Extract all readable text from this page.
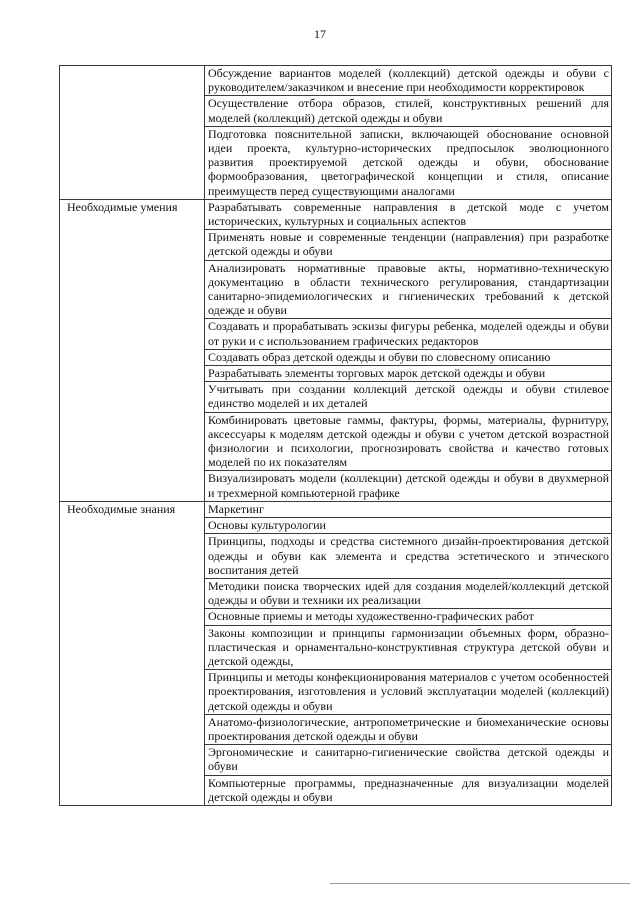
17

	Обсуждение вариантов моделей (коллекций) детской одежды и обуви с руководителем/заказчиком и внесение при необходимости корректировок

	Осуществление отбора образов, стилей, конструктивных решений для моделей (коллекций) детской одежды и обуви

	Подготовка пояснительной записки, включающей обоснование основной идеи проекта, культурно-исторических предпосылок эволюционного развития проектируемой детской одежды и обуви, обоснование формообразования, цветографической концепции и стиля, описание преимуществ перед существующими аналогами

Необходимые умения	Разрабатывать современные направления в детской моде с учетом исторических, культурных и социальных аспектов

	Применять новые и современные тенденции (направления) при разработке детской одежды и обуви

	Анализировать нормативные правовые акты, нормативно-техническую документацию в области технического регулирования, стандартизации санитарно-эпидемиологических и гигиенических требований к детской одежде и обуви

	Создавать и прорабатывать эскизы фигуры ребенка, моделей одежды и обуви от руки и с использованием графических редакторов

	Создавать образ детской одежды и обуви по словесному описанию

	Разрабатывать элементы торговых марок детской одежды и обуви

	Учитывать при создании коллекций детской одежды и обуви стилевое единство моделей и их деталей

	Комбинировать цветовые гаммы, фактуры, формы, материалы, фурнитуру, аксессуары к моделям детской одежды и обуви с учетом детской возрастной физиологии и психологии, прогнозировать свойства и качество готовых моделей по их показателям

	Визуализировать модели (коллекции) детской одежды и обуви в двухмерной и трехмерной компьютерной графике

Необходимые знания	Маркетинг

	Основы культурологии

	Принципы, подходы и средства системного дизайн-проектирования детской одежды и обуви как элемента и средства эстетического и этического воспитания детей

	Методики поиска творческих идей для создания моделей/коллекций детской одежды и обуви и техники их реализации

	Основные приемы и методы художественно-графических работ

	Законы композиции и принципы гармонизации объемных форм, образно-пластическая и орнаментально-конструктивная структура детской обуви и детской одежды,

	Принципы и методы конфекционирования материалов с учетом особенностей проектирования, изготовления и условий эксплуатации моделей (коллекций) детской одежды и обуви

	Анатомо-физиологические, антропометрические и биомеханические основы проектирования детской одежды и обуви

	Эргономические и санитарно-гигиенические свойства детской одежды и обуви

	Компьютерные программы, предназначенные для визуализации моделей детской одежды и обуви
